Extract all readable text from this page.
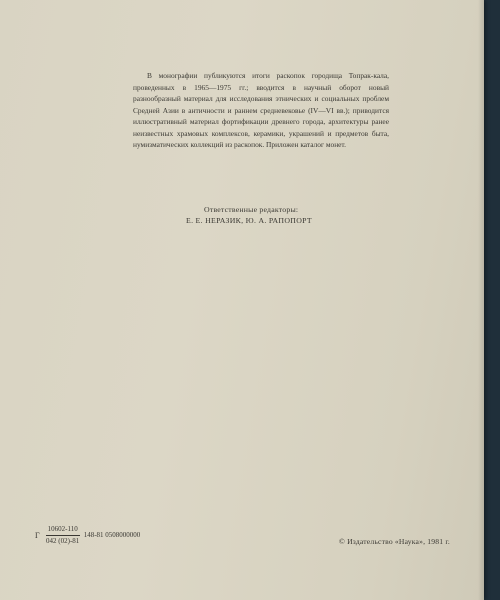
В монографии публикуются итоги раскопок городища Топрак-кала, проведенных в 1965—1975 гг.; вводится в научный оборот новый разнообразный материал для исследования этнических и социальных проблем Средней Азии в античности и раннем средневековье (IV—VI вв.); приводится иллюстративный материал фортификации древнего города, архитектуры ранее неизвестных храмовых комплексов, керамики, украшений и предметов быта, нумизматических коллекций из раскопок. Приложен каталог монет.

Ответственные редакторы:
Е. Е. НЕРАЗИК, Ю. А. РАПОПОРТ
Г $\frac{10602-110}{042 (02)-81} 148-81$ 0508000000
© Издательство «Наука», 1981 г.
